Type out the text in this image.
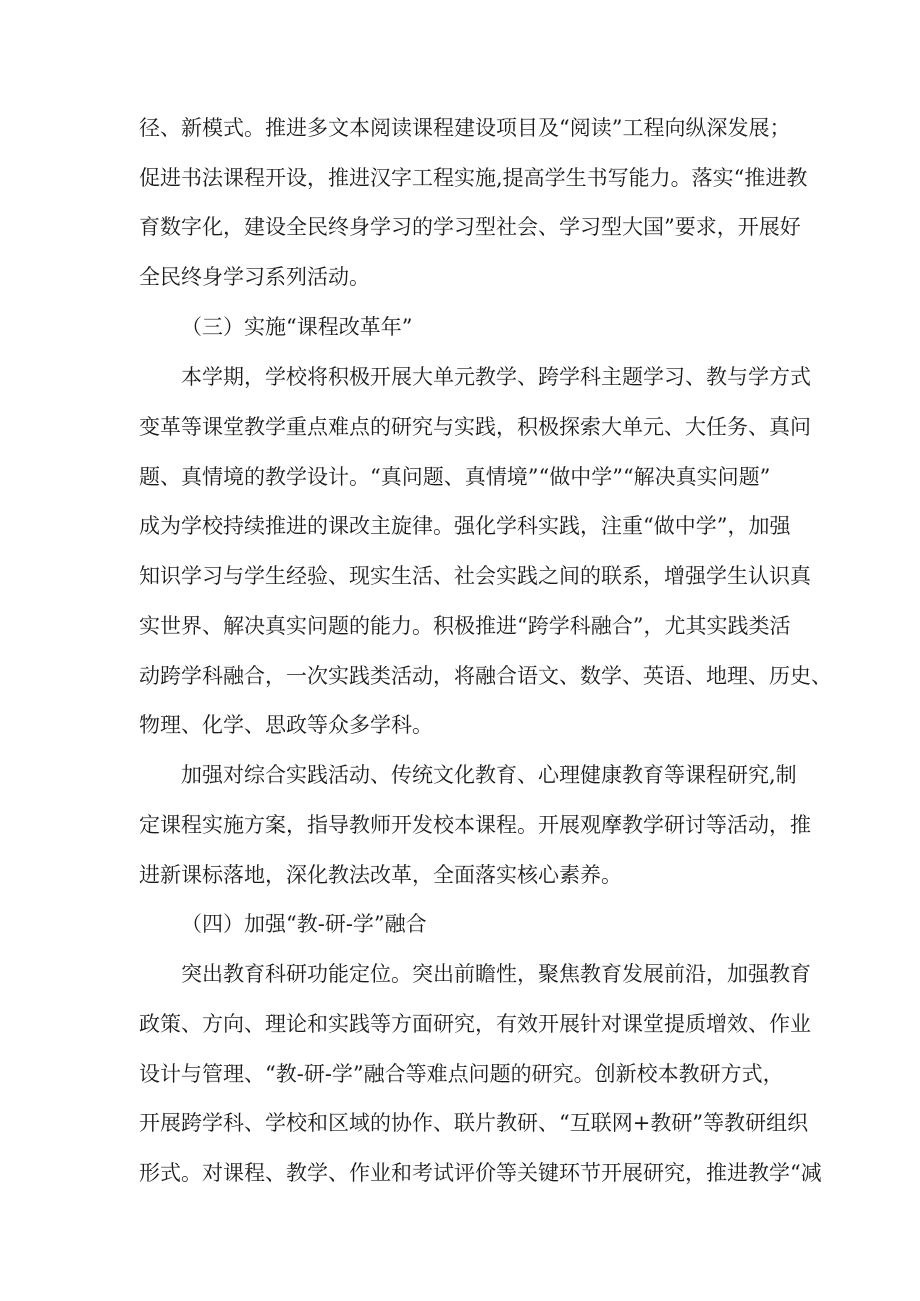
径、新模式。推进多文本阅读课程建设项目及“阅读”工程向纵深发展；

促进书法课程开设，推进汉字工程实施,提高学生书写能力。落实“推进教

育数字化，建设全民终身学习的学习型社会、学习型大国”要求，开展好

全民终身学习系列活动。

（三）实施“课程改革年”

本学期，学校将积极开展大单元教学、跨学科主题学习、教与学方式

变革等课堂教学重点难点的研究与实践，积极探索大单元、大任务、真问

题、真情境的教学设计。“真问题、真情境”“做中学”“解决真实问题”

成为学校持续推进的课改主旋律。强化学科实践，注重“做中学”，加强

知识学习与学生经验、现实生活、社会实践之间的联系，增强学生认识真

实世界、解决真实问题的能力。积极推进“跨学科融合”，尤其实践类活

动跨学科融合，一次实践类活动，将融合语文、数学、英语、地理、历史、

物理、化学、思政等众多学科。

加强对综合实践活动、传统文化教育、心理健康教育等课程研究,制

定课程实施方案，指导教师开发校本课程。开展观摩教学研讨等活动，推

进新课标落地，深化教法改革，全面落实核心素养。

（四）加强“教-研-学”融合

突出教育科研功能定位。突出前瞻性，聚焦教育发展前沿，加强教育

政策、方向、理论和实践等方面研究，有效开展针对课堂提质增效、作业

设计与管理、“教-研-学”融合等难点问题的研究。创新校本教研方式，

开展跨学科、学校和区域的协作、联片教研、“互联网+教研”等教研组织

形式。对课程、教学、作业和考试评价等关键环节开展研究，推进教学“减
